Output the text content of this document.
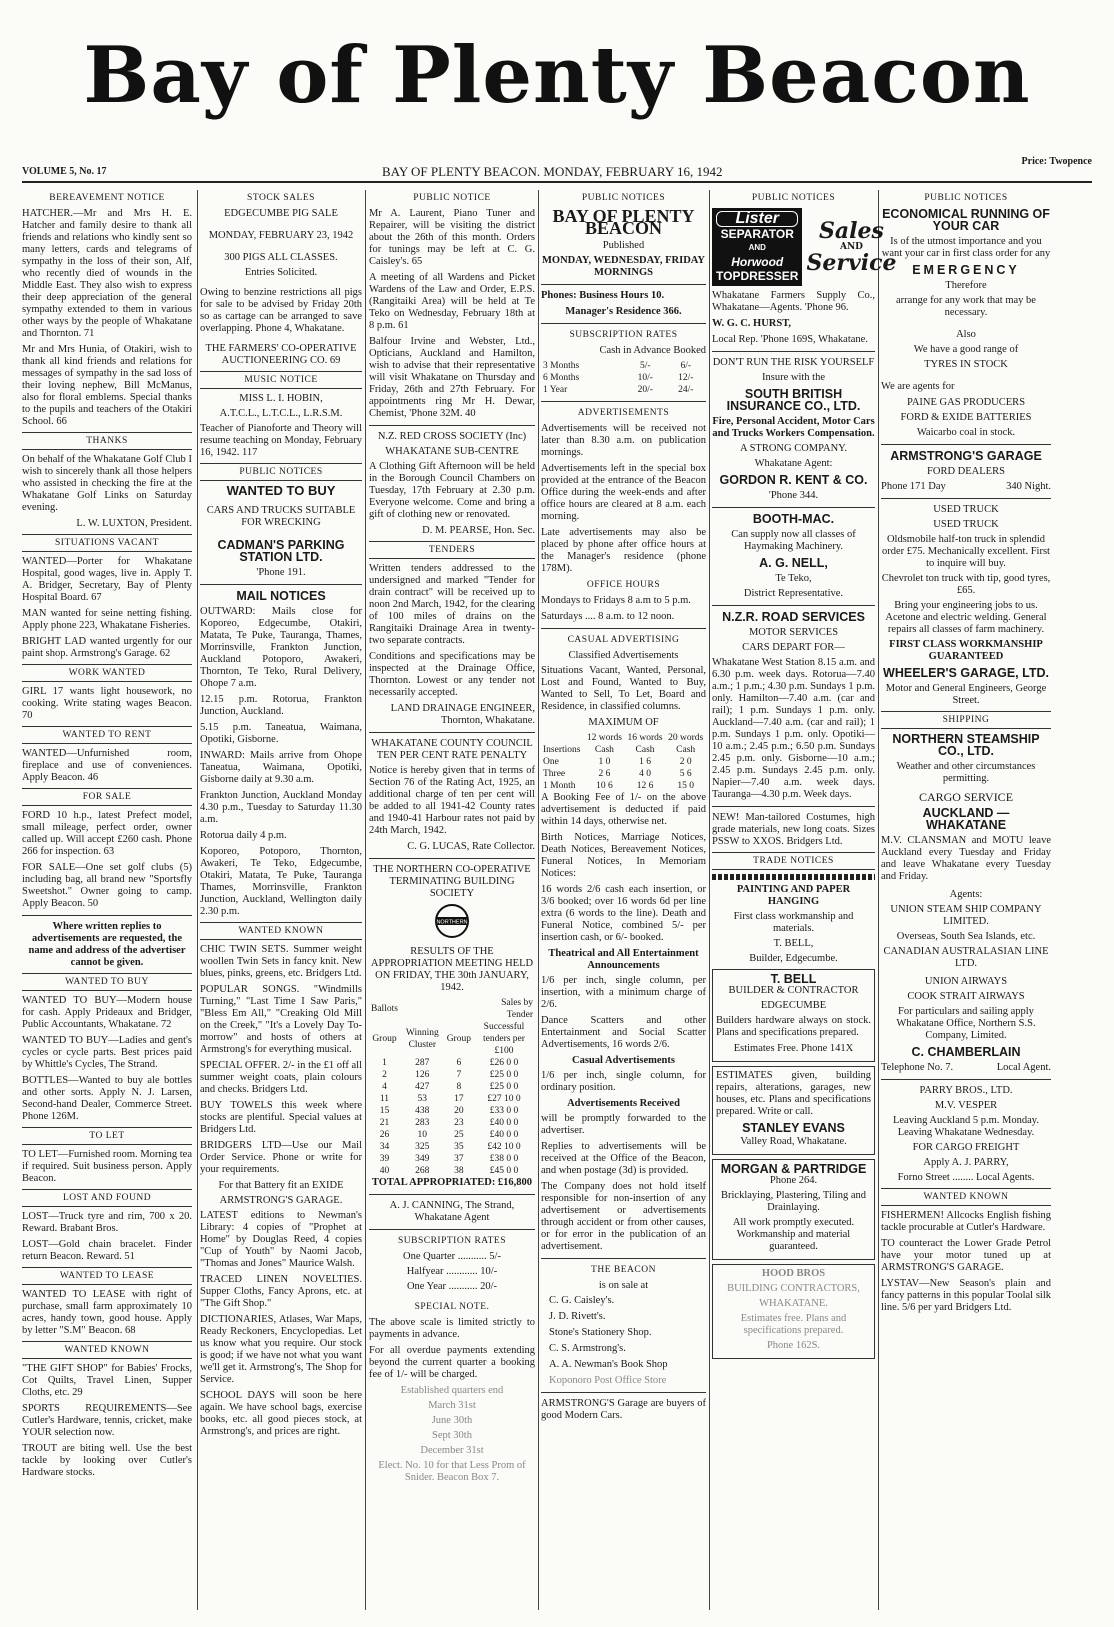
Bay of Plenty Beacon
VOLUME 5, No. 17	BAY OF PLENTY BEACON. MONDAY, FEBRUARY 16, 1942
Price: Twopence
BEREAVEMENT NOTICE
HATCHER.—Mr and Mrs H. E. Hatcher and family desire to thank all friends and relations who kindly sent so many letters, cards and telegrams of sympathy in the loss of their son, Alf, who recently died of wounds in the Middle East. They also wish to express their deep appreciation of the general sympathy extended to them in various other ways by the people of Whakatane and Thornton. 71
Mr and Mrs Hunia, of Otakiri, wish to thank all kind friends and relations for messages of sympathy in the sad loss of their loving nephew, Bill McManus, also for floral emblems. Special thanks to the pupils and teachers of the Otakiri School. 66
THANKS
On behalf of the Whakatane Golf Club I wish to sincerely thank all those helpers who assisted in checking the fire at the Whakatane Golf Links on Saturday evening.
L. W. LUXTON, President.
SITUATIONS VACANT
WANTED—Porter for Whakatane Hospital, good wages, live in. Apply T. A. Bridger, Secretary, Bay of Plenty Hospital Board. 67
MAN wanted for seine netting fishing. Apply phone 223, Whakatane Fisheries.
BRIGHT LAD wanted urgently for our paint shop. Armstrong's Garage. 62
WORK WANTED
GIRL 17 wants light housework, no cooking. Write stating wages Beacon. 70
WANTED TO RENT
WANTED—Unfurnished room, fireplace and use of conveniences. Apply Beacon. 46
FOR SALE
FORD 10 h.p., latest Prefect model, small mileage, perfect order, owner called up. Will accept £260 cash. Phone 266 for inspection. 63
FOR SALE—One set golf clubs (5) including bag, all brand new "Sportsfly Sweetshot." Owner going to camp. Apply Beacon. 50
Where written replies to advertisements are requested, the name and address of the advertiser cannot be given.
WANTED TO BUY
WANTED TO BUY—Modern house for cash. Apply Prideaux and Bridger, Public Accountants, Whakatane. 72
WANTED TO BUY—Ladies and gent's cycles or cycle parts. Best prices paid by Whittle's Cycles, The Strand.
BOTTLES—Wanted to buy ale bottles and other sorts. Apply N. J. Larsen, Second-hand Dealer, Commerce Street. Phone 126M.
TO LET
TO LET—Furnished room. Morning tea if required. Suit business person. Apply Beacon.
LOST AND FOUND
LOST—Truck tyre and rim, 700 x 20. Reward. Brabant Bros.
LOST—Gold chain bracelet. Finder return Beacon. Reward. 51
WANTED TO LEASE
WANTED TO LEASE with right of purchase, small farm approximately 10 acres, handy town, good house. Apply by letter "S.M" Beacon. 68
WANTED KNOWN
"THE GIFT SHOP" for Babies' Frocks, Cot Quilts, Travel Linen, Supper Cloths, etc. 29
SPORTS REQUIREMENTS—See Cutler's Hardware, tennis, cricket, make YOUR selection now.
TROUT are biting well. Use the best tackle by looking over Cutler's Hardware stocks.
STOCK SALES
EDGECUMBE PIG SALE
MONDAY, FEBRUARY 23, 1942
300 PIGS ALL CLASSES.
Entries Solicited.
Owing to benzine restrictions all pigs for sale to be advised by Friday 20th so as cartage can be arranged to save overlapping. Phone 4, Whakatane.
THE FARMERS' CO-OPERATIVE AUCTIONEERING CO. 69
MUSIC NOTICE
MISS L. I. HOBIN,
A.T.C.L., L.T.C.L., L.R.S.M.
Teacher of Pianoforte and Theory will resume teaching on Monday, February 16, 1942. 117
PUBLIC NOTICES
WANTED TO BUY
CARS AND TRUCKS SUITABLE FOR WRECKING
CADMAN'S PARKING STATION LTD.
'Phone 191.
MAIL NOTICES
OUTWARD: Mails close for Koporeo, Edgecumbe, Otakiri, Matata, Te Puke, Tauranga, Thames, Morrinsville, Frankton Junction, Auckland Potoporo, Awakeri, Thornton, Te Teko, Rural Delivery, Ohope 7 a.m.
12.15 p.m. Rotorua, Frankton Junction, Auckland.
5.15 p.m. Taneatua, Waimana, Opotiki, Gisborne.
INWARD: Mails arrive from Ohope Taneatua, Waimana, Opotiki, Gisborne daily at 9.30 a.m.
Frankton Junction, Auckland Monday 4.30 p.m., Tuesday to Saturday 11.30 a.m.
Rotorua daily 4 p.m.
Koporeo, Potoporo, Thornton, Awakeri, Te Teko, Edgecumbe, Otakiri, Matata, Te Puke, Tauranga Thames, Morrinsville, Frankton Junction, Auckland, Wellington daily 2.30 p.m.
WANTED KNOWN
CHIC TWIN SETS. Summer weight woollen Twin Sets in fancy knit. New blues, pinks, greens, etc. Bridgers Ltd.
POPULAR SONGS. "Windmills Turning," "Last Time I Saw Paris," "Bless Em All," "Creaking Old Mill on the Creek," "It's a Lovely Day To-morrow" and hosts of others at Armstrong's for everything musical.
SPECIAL OFFER. 2/- in the £1 off all summer weight coats, plain colours and checks. Bridgers Ltd.
BUY TOWELS this week where stocks are plentiful. Special values at Bridgers Ltd.
BRIDGERS LTD—Use our Mail Order Service. Phone or write for your requirements.
For that Battery fit an EXIDE
ARMSTRONG'S GARAGE.
LATEST editions to Newman's Library: 4 copies of "Prophet at Home" by Douglas Reed, 4 copies "Cup of Youth" by Naomi Jacob, "Thomas and Jones" Maurice Walsh.
TRACED LINEN NOVELTIES. Supper Cloths, Fancy Aprons, etc. at "The Gift Shop."
DICTIONARIES, Atlases, War Maps, Ready Reckoners, Encyclopedias. Let us know what you require. Our stock is good; if we have not what you want we'll get it. Armstrong's, The Shop for Service.
SCHOOL DAYS will soon be here again. We have school bags, exercise books, etc. all good pieces stock, at Armstrong's, and prices are right.
PUBLIC NOTICE
Mr A. Laurent, Piano Tuner and Repairer, will be visiting the district about the 26th of this month. Orders for tunings may be left at C. G. Caisley's. 65
A meeting of all Wardens and Picket Wardens of the Law and Order, E.P.S. (Rangitaiki Area) will be held at Te Teko on Wednesday, February 18th at 8 p.m. 61
Balfour Irvine and Webster, Ltd., Opticians, Auckland and Hamilton, wish to advise that their representative will visit Whakatane on Thursday and Friday, 26th and 27th February. For appointments ring Mr H. Dewar, Chemist, 'Phone 32M. 40
N.Z. RED CROSS SOCIETY (Inc)
WHAKATANE SUB-CENTRE
A Clothing Gift Afternoon will be held in the Borough Council Chambers on Tuesday, 17th February at 2.30 p.m. Everyone welcome. Come and bring a gift of clothing new or renovated.
D. M. PEARSE, Hon. Sec.
TENDERS
Written tenders addressed to the undersigned and marked "Tender for drain contract" will be received up to noon 2nd March, 1942, for the clearing of 100 miles of drains on the Rangitaiki Drainage Area in twenty-two separate contracts.
Conditions and specifications may be inspected at the Drainage Office, Thornton. Lowest or any tender not necessarily accepted.
LAND DRAINAGE ENGINEER, Thornton, Whakatane.
WHAKATANE COUNTY COUNCIL TEN PER CENT RATE PENALTY
Notice is hereby given that in terms of Section 76 of the Rating Act, 1925, an additional charge of ten per cent will be added to all 1941-42 County rates and 1940-41 Harbour rates not paid by 24th March, 1942.
C. G. LUCAS, Rate Collector.
THE NORTHERN CO-OPERATIVE TERMINATING BUILDING SOCIETY
NORTHERN
RESULTS OF THE APPROPRIATION MEETING HELD ON FRIDAY, THE 30th JANUARY, 1942.
Ballots			Sales by Tender
Group	Winning Cluster	Group	Successful tenders per £100
1	287	6	£26 0 0
2	126	7	£25 0 0
4	427	8	£25 0 0
11	53	17	£27 10 0
15	438	20	£33 0 0
21	283	23	£40 0 0
26	10	25	£40 0 0
34	325	35	£42 10 0
39	349	37	£38 0 0
40	268	38	£45 0 0
TOTAL APPROPRIATED: £16,800
A. J. CANNING, The Strand, Whakatane Agent
SUBSCRIPTION RATES
One Quarter ........... 5/-
Halfyear ............ 10/-
One Year ........... 20/-
SPECIAL NOTE.
The above scale is limited strictly to payments in advance.
For all overdue payments extending beyond the current quarter a booking fee of 1/- will be charged.
Established quarters end
March 31st
June 30th
Sept 30th
December 31st
Elect. No. 10 for that Less Prom of Snider. Beacon Box 7.
PUBLIC NOTICES
BAY OF PLENTY BEACON
Published
MONDAY, WEDNESDAY, FRIDAY MORNINGS
Phones: Business Hours 10.
Manager's Residence 366.
SUBSCRIPTION RATES
Cash in Advance Booked
3 Months	5/-	6/-
6 Months	10/-	12/-
1 Year	20/-	24/-
ADVERTISEMENTS
Advertisements will be received not later than 8.30 a.m. on publication mornings.
Advertisements left in the special box provided at the entrance of the Beacon Office during the week-ends and after office hours are cleared at 8 a.m. each morning.
Late advertisements may also be placed by phone after office hours at the Manager's residence (phone 178M).
OFFICE HOURS
Mondays to Fridays 8 a.m to 5 p.m.
Saturdays .... 8 a.m. to 12 noon.
CASUAL ADVERTISING
Classified Advertisements
Situations Vacant, Wanted, Personal, Lost and Found, Wanted to Buy, Wanted to Sell, To Let, Board and Residence, in classified columns.
MAXIMUM OF
	12 words	16 words	20 words
Insertions	Cash	Cash	Cash
One	1 0	1 6	2 0
Three	2 6	4 0	5 6
1 Month	10 6	12 6	15 0
A Booking Fee of 1/- on the above advertisement is deducted if paid within 14 days, otherwise net.
Birth Notices, Marriage Notices, Death Notices, Bereavement Notices, Funeral Notices, In Memoriam Notices:
16 words 2/6 cash each insertion, or 3/6 booked; over 16 words 6d per line extra (6 words to the line). Death and Funeral Notice, combined 5/- per insertion cash, or 6/- booked.
Theatrical and All Entertainment Announcements
1/6 per inch, single column, per insertion, with a minimum charge of 2/6.
Dance Scatters and other Entertainment and Social Scatter Advertisements, 16 words 2/6.
Casual Advertisements
1/6 per inch, single column, for ordinary position.
Advertisements Received
will be promptly forwarded to the advertiser.
Replies to advertisements will be received at the Office of the Beacon, and when postage (3d) is provided.
The Company does not hold itself responsible for non-insertion of any advertisement or advertisements through accident or from other causes, or for error in the publication of an advertisement.
THE BEACON
is on sale at
C. G. Caisley's.
J. D. Rivett's.
Stone's Stationery Shop.
C. S. Armstrong's.
A. A. Newman's Book Shop
Koponoro Post Office Store
ARMSTRONG'S Garage are buyers of good Modern Cars.
PUBLIC NOTICES
Lister
SEPARATOR
AND
Horwood
TOPDRESSER
Sales
AND
Service
Whakatane Farmers Supply Co., Whakatane—Agents. 'Phone 96.
W. G. C. HURST,
Local Rep. 'Phone 169S, Whakatane.
DON'T RUN THE RISK YOURSELF
Insure with the
SOUTH BRITISH INSURANCE CO., LTD.
Fire, Personal Accident, Motor Cars and Trucks Workers Compensation.
A STRONG COMPANY.
Whakatane Agent:
GORDON R. KENT & CO.
'Phone 344.
BOOTH-MAC.
Can supply now all classes of Haymaking Machinery.
A. G. NELL,
Te Teko,
District Representative.
N.Z.R. ROAD SERVICES
MOTOR SERVICES
CARS DEPART FOR—
Whakatane West Station 8.15 a.m. and 6.30 p.m. week days. Rotorua—7.40 a.m.; 1 p.m.; 4.30 p.m. Sundays 1 p.m. only. Hamilton—7.40 a.m. (car and rail); 1 p.m. Sundays 1 p.m. only. Auckland—7.40 a.m. (car and rail); 1 p.m. Sundays 1 p.m. only. Opotiki—10 a.m.; 2.45 p.m.; 6.50 p.m. Sundays 2.45 p.m. only. Gisborne—10 a.m.; 2.45 p.m. Sundays 2.45 p.m. only. Napier—7.40 a.m. week days. Tauranga—4.30 p.m. Week days.
NEW! Man-tailored Costumes, high grade materials, new long coats. Sizes PSSW to XXOS. Bridgers Ltd.
TRADE NOTICES
PAINTING AND PAPER HANGING
First class workmanship and materials.
T. BELL,
Builder, Edgecumbe.
T. BELL
BUILDER & CONTRACTOR
EDGECUMBE
Builders hardware always on stock. Plans and specifications prepared.
Estimates Free. Phone 141X
ESTIMATES given, building repairs, alterations, garages, new houses, etc. Plans and specifications prepared. Write or call.
STANLEY EVANS
Valley Road, Whakatane.
MORGAN & PARTRIDGE
Phone 264.
Bricklaying, Plastering, Tiling and Drainlaying.
All work promptly executed. Workmanship and material guaranteed.
HOOD BROS
BUILDING CONTRACTORS,
WHAKATANE.
Estimates free. Plans and specifications prepared.
Phone 162S.
PUBLIC NOTICES
ECONOMICAL RUNNING OF YOUR CAR
Is of the utmost importance and you want your car in first class order for any
EMERGENCY
Therefore
arrange for any work that may be necessary.
Also
We have a good range of
TYRES IN STOCK
We are agents for
PAINE GAS PRODUCERS
FORD & EXIDE BATTERIES
Waicarbo coal in stock.
ARMSTRONG'S GARAGE
FORD DEALERS
Phone 171 Day	340 Night.
USED TRUCK
USED TRUCK
Oldsmobile half-ton truck in splendid order £75. Mechanically excellent. First to inquire will buy.
Chevrolet ton truck with tip, good tyres, £65.
Bring your engineering jobs to us. Acetone and electric welding. General repairs all classes of farm machinery.
FIRST CLASS WORKMANSHIP GUARANTEED
WHEELER'S GARAGE, LTD.
Motor and General Engineers, George Street.
SHIPPING
NORTHERN STEAMSHIP CO., LTD.
Weather and other circumstances permitting.
CARGO SERVICE
AUCKLAND — WHAKATANE
M.V. CLANSMAN and MOTU leave Auckland every Tuesday and Friday and leave Whakatane every Tuesday and Friday.
Agents:
UNION STEAM SHIP COMPANY LIMITED.
Overseas, South Sea Islands, etc.
CANADIAN AUSTRALASIAN LINE LTD.
UNION AIRWAYS
COOK STRAIT AIRWAYS
For particulars and sailing apply Whakatane Office, Northern S.S. Company, Limited.
C. CHAMBERLAIN
Telephone No. 7.	Local Agent.
PARRY BROS., LTD.
M.V. VESPER
Leaving Auckland 5 p.m. Monday. Leaving Whakatane Wednesday.
FOR CARGO FREIGHT
Apply A. J. PARRY,
Forno Street ........ Local Agents.
WANTED KNOWN
FISHERMEN! Allcocks English fishing tackle procurable at Cutler's Hardware.
TO counteract the Lower Grade Petrol have your motor tuned up at ARMSTRONG'S GARAGE.
LYSTAV—New Season's plain and fancy patterns in this popular Toolal silk line. 5/6 per yard Bridgers Ltd.
